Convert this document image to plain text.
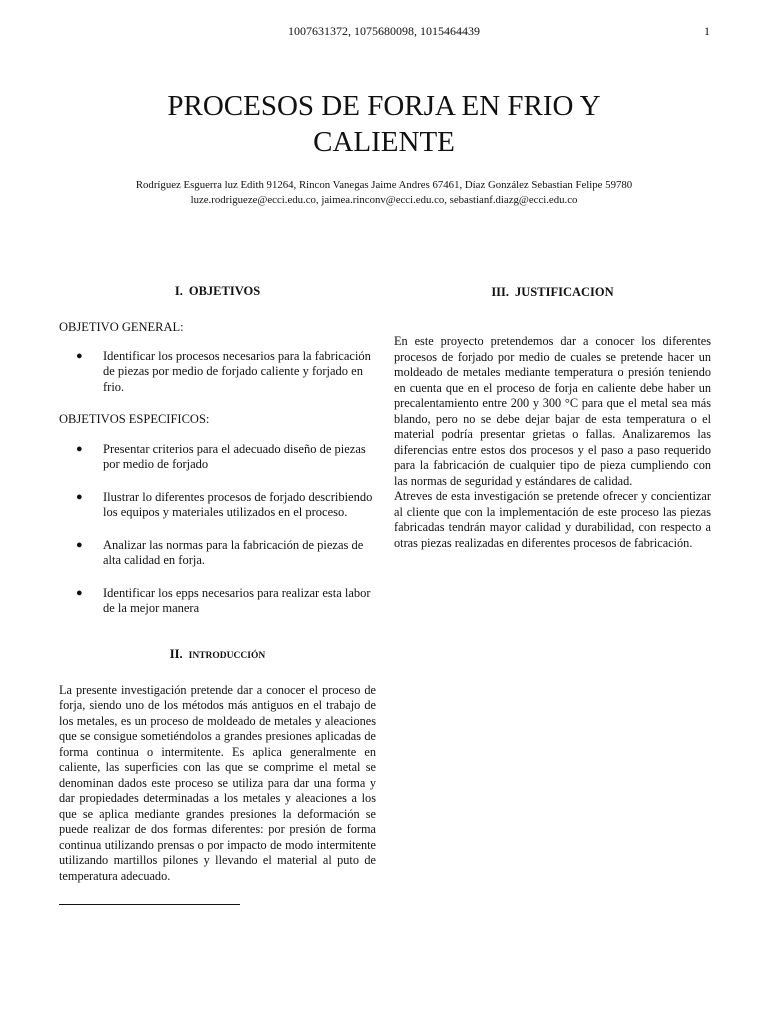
1007631372, 1075680098, 1015464439	1
PROCESOS DE FORJA EN FRIO Y
CALIENTE
Rodríguez Esguerra luz Edith 91264, Rincon Vanegas Jaime Andres 67461, Díaz González Sebastian Felipe 59780
luze.rodrigueze@ecci.edu.co, jaimea.rinconv@ecci.edu.co, sebastianf.diazg@ecci.edu.co
I. OBJETIVOS

OBJETIVO GENERAL:

● Identificar los procesos necesarios para la fabricación de piezas por medio de forjado caliente y forjado en frio.

OBJETIVOS ESPECIFICOS:

● Presentar criterios para el adecuado diseño de piezas por medio de forjado
● Ilustrar lo diferentes procesos de forjado describiendo los equipos y materiales utilizados en el proceso.
● Analizar las normas para la fabricación de piezas de alta calidad en forja.
● Identificar los epps necesarios para realizar esta labor de la mejor manera
II. INTRODUCCIÓN

La presente investigación pretende dar a conocer el proceso de forja, siendo uno de los métodos más antiguos en el trabajo de los metales, es un proceso de moldeado de metales y aleaciones que se consigue sometiéndolos a grandes presiones aplicadas de forma continua o intermitente. Es aplica generalmente en caliente, las superficies con las que se comprime el metal se denominan dados este proceso se utiliza para dar una forma y dar propiedades determinadas a los metales y aleaciones a los que se aplica mediante grandes presiones la deformación se puede realizar de dos formas diferentes: por presión de forma continua utilizando prensas o por impacto de modo intermitente utilizando martillos pilones y llevando el material al puto de temperatura adecuado.

III. JUSTIFICACION

En este proyecto pretendemos dar a conocer los diferentes procesos de forjado por medio de cuales se pretende hacer un moldeado de metales mediante temperatura o presión teniendo en cuenta que en el proceso de forja en caliente debe haber un precalentamiento entre 200 y 300 °C para que el metal sea más blando, pero no se debe dejar bajar de esta temperatura o el material podría presentar grietas o fallas. Analizaremos las diferencias entre estos dos procesos y el paso a paso requerido para la fabricación de cualquier tipo de pieza cumpliendo con las normas de seguridad y estándares de calidad.

Atreves de esta investigación se pretende ofrecer y concientizar al cliente que con la implementación de este proceso las piezas fabricadas tendrán mayor calidad y durabilidad, con respecto a otras piezas realizadas en diferentes procesos de fabricación.
